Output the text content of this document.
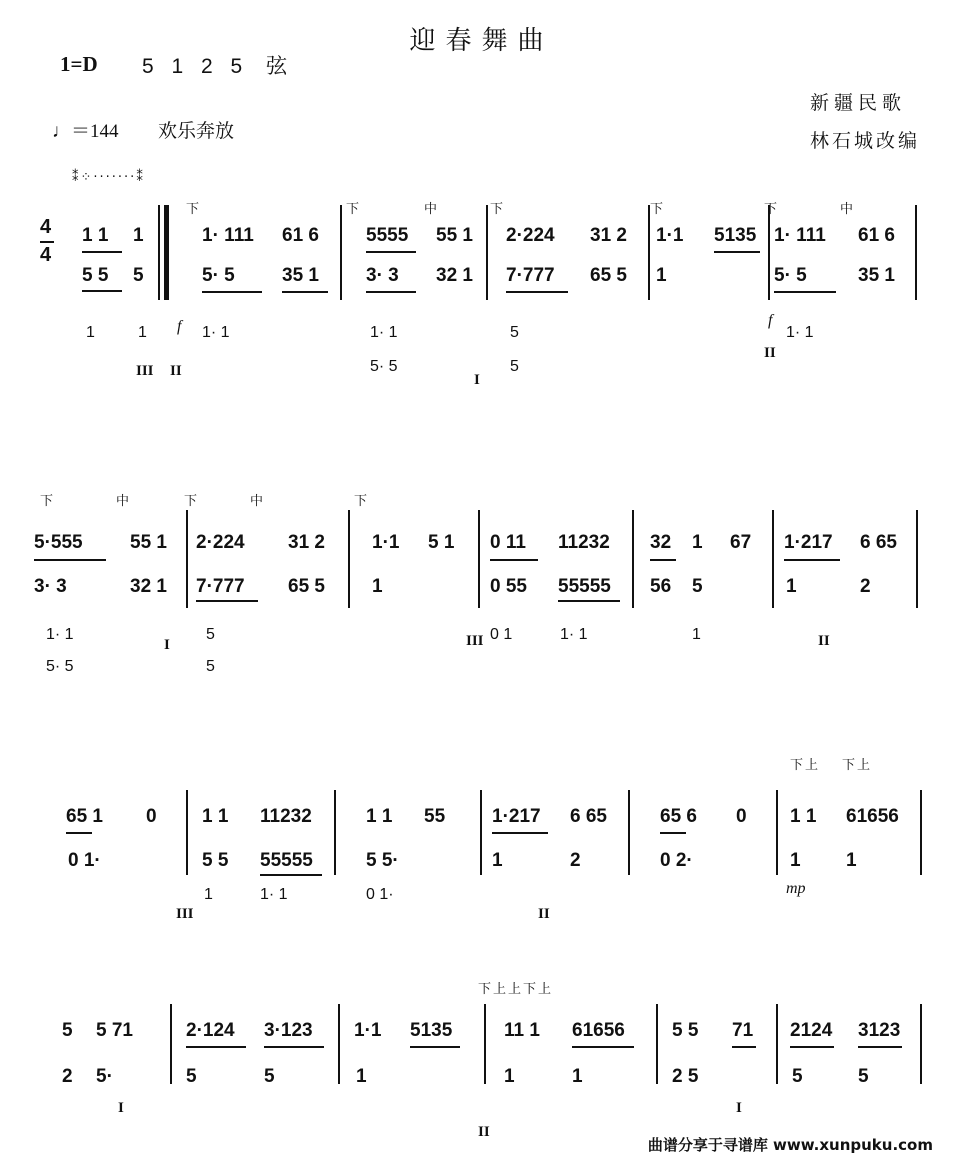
迎春舞曲
1=D 5 1 2 5 弦
♩＝144 欢乐奔放
新疆民歌
林石城改编
4
4
⁑⁘·······⁑
1 1 1
5 5 5
1	1
III II
f
下
1· 111 61 6
5· 5 35 1
1· 1
下	中
5555 55 1
3· 3 32 1
1· 1
5· 5
I
下
2·224 31 2
7·777 65 5
5
5
下
1·1 5135
1
下	中
1· 111 61 6
5· 5	35 1
f
1· 1
II
下	中
5·555 55 1
3· 3	32 1
1· 1
5· 5
I
下	中
2·224 31 2
7·777 65 5
5
5
下
1·1 5 1
1
0 11 11232
0 55 55555
III 0 1	1· 1
32 1 67
56 5
1
1·217 6 65
1	2
II
65 1 0
0 1·
1 1 11232
5 5 55555
III
1	1· 1
1 1 55
5 5·
0 1·
1·217 6 65
1	2
II
65 6 0
0 2·
下上 下上
1 1 61656
1 1
mp
下上上下上
5 5 71
2 5·
I
2·124 3·123
5	5
1·1 5135
1
11 1 61656
1	1
II
5 5 71
2 5
I
2124 3123
5	5
曲谱分享于寻谱库 www.xunpuku.com
